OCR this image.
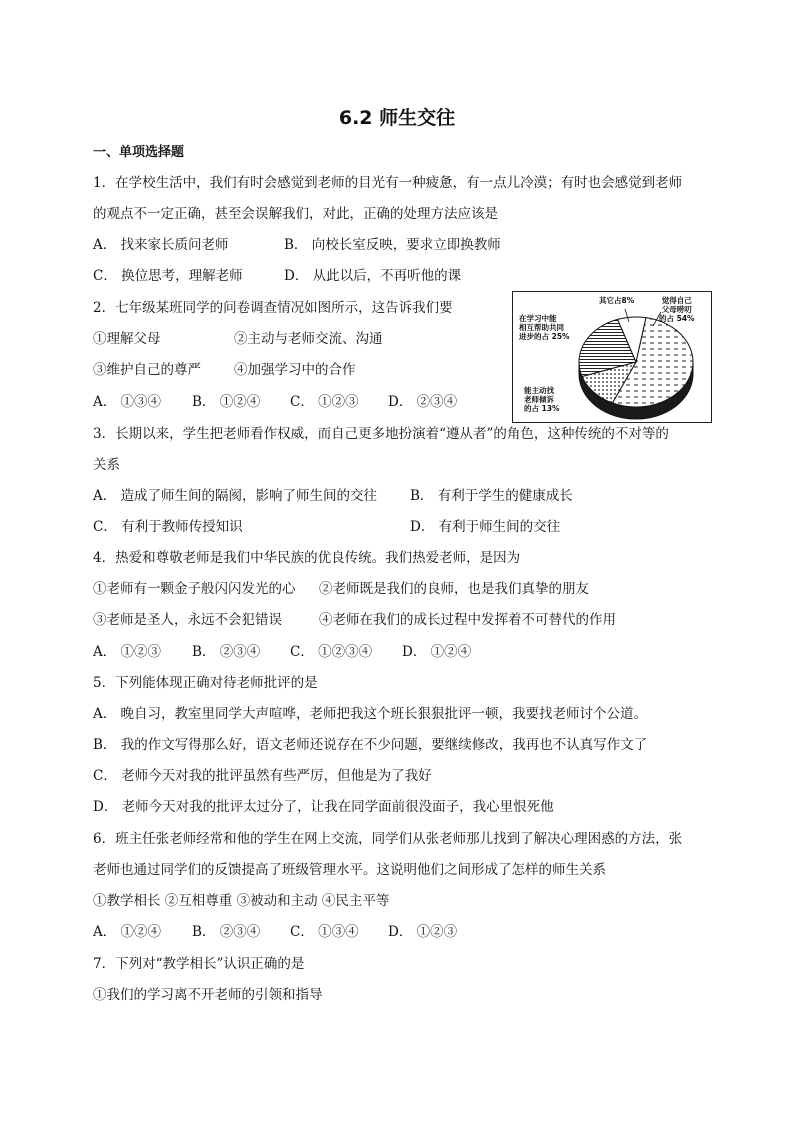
6.2 师生交往
一、单项选择题
1．在学校生活中，我们有时会感觉到老师的目光有一种疲惫，有一点儿冷漠；有时也会感觉到老师
的观点不一定正确，甚至会误解我们，对此，正确的处理方法应该是
A． 找来家长质问老师	B． 向校长室反映，要求立即换教师
C． 换位思考，理解老师	D． 从此以后，不再听他的课
2．七年级某班同学的问卷调查情况如图所示，这告诉我们要
①理解父母	②主动与老师交流、沟通
③维护自己的尊严 ④加强学习中的合作
A． ①③④ B． ①②④ C． ①②③ D． ②③④
其它占8%	觉得自己
父母唠叨
的占 54%
在学习中能
相互帮助共同
进步的占 25%
能主动找
老师倾诉
的占 13%
3．长期以来，学生把老师看作权威，而自己更多地扮演着“遵从者”的角色，这种传统的不对等的
关系
A． 造成了师生间的隔阂，影响了师生间的交往 B． 有利于学生的健康成长
C． 有利于教师传授知识	D． 有利于师生间的交往
4．热爱和尊敬老师是我们中华民族的优良传统。我们热爱老师，是因为
①老师有一颗金子般闪闪发光的心 ②老师既是我们的良师，也是我们真挚的朋友
③老师是圣人，永远不会犯错误	④老师在我们的成长过程中发挥着不可替代的作用
A． ①②③ B． ②③④ C． ①②③④ D． ①②④
5．下列能体现正确对待老师批评的是
A． 晚自习，教室里同学大声喧哗，老师把我这个班长狠狠批评一顿，我要找老师讨个公道。
B． 我的作文写得那么好，语文老师还说存在不少问题，要继续修改，我再也不认真写作文了
C． 老师今天对我的批评虽然有些严厉，但他是为了我好
D． 老师今天对我的批评太过分了，让我在同学面前很没面子，我心里恨死他
6．班主任张老师经常和他的学生在网上交流，同学们从张老师那儿找到了解决心理困惑的方法，张
老师也通过同学们的反馈提高了班级管理水平。这说明他们之间形成了怎样的师生关系
①教学相长 ②互相尊重 ③被动和主动 ④民主平等
A． ①②④ B． ②③④ C． ①③④ D． ①②③
7．下列对“教学相长”认识正确的是
①我们的学习离不开老师的引领和指导
